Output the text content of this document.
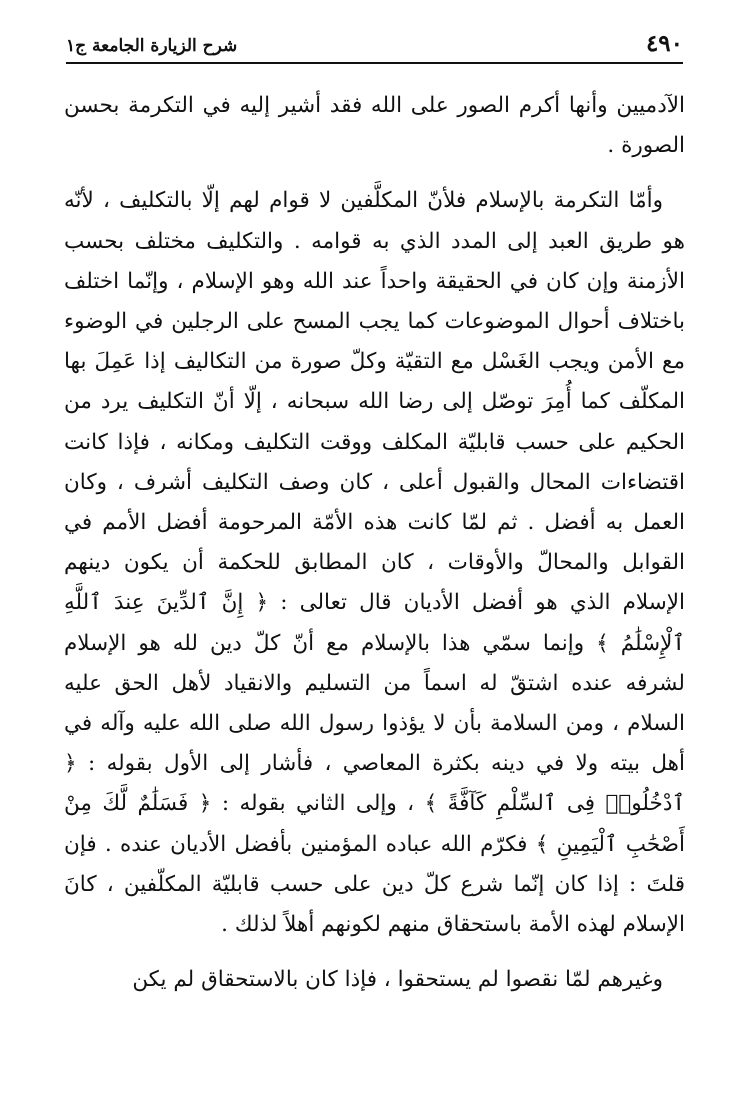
٤٩٠
شرح الزيارة الجامعة ج١

الآدميين وأنها أكرم الصور على الله فقد أشير إليه في التكرمة بحسن الصورة .

وأمّا التكرمة بالإسلام فلأنّ المكلَّفين لا قوام لهم إلّا بالتكليف ، لأنّه هو طريق العبد إلى المدد الذي به قوامه . والتكليف مختلف بحسب الأزمنة وإن كان في الحقيقة واحداً عند الله وهو الإسلام ، وإنّما اختلف باختلاف أحوال الموضوعات كما يجب المسح على الرجلين في الوضوء مع الأمن ويجب الغَسْل مع التقيّة وكلّ صورة من التكاليف إذا عَمِلَ بها المكلّف كما أُمِرَ توصّل إلى رضا الله سبحانه ، إلّا أنّ التكليف يرد من الحكيم على حسب قابليّة المكلف ووقت التكليف ومكانه ، فإذا كانت اقتضاءات المحال والقبول أعلى ، كان وصف التكليف أشرف ، وكان العمل به أفضل . ثم لمّا كانت هذه الأمّة المرحومة أفضل الأمم في القوابل والمحالّ والأوقات ، كان المطابق للحكمة أن يكون دينهم الإسلام الذي هو أفضل الأديان قال تعالى : ﴿ إِنَّ ٱلدِّينَ عِندَ ٱللَّهِ ٱلْإِسْلَٰمُ ﴾ وإنما سمّي هذا بالإسلام مع أنّ كلّ دين لله هو الإسلام لشرفه عنده اشتقّ له اسماً من التسليم والانقياد لأهل الحق عليه السلام ، ومن السلامة بأن لا يؤذوا رسول الله صلى الله عليه وآله في أهل بيته ولا في دينه بكثرة المعاصي ، فأشار إلى الأول بقوله : ﴿ ٱدْخُلُوا۟ فِى ٱلسِّلْمِ كَآفَّةً ﴾ ، وإلى الثاني بقوله : ﴿ فَسَلَٰمٌ لَّكَ مِنْ أَصْحَٰبِ ٱلْيَمِينِ ﴾ فكرّم الله عباده المؤمنين بأفضل الأديان عنده . فإن قلتَ : إذا كان إنّما شرع كلّ دين على حسب قابليّة المكلّفين ، كانَ الإسلام لهذه الأمة باستحقاق منهم لكونهم أهلاً لذلك .

وغيرهم لمّا نقصوا لم يستحقوا ، فإذا كان بالاستحقاق لم يكن
